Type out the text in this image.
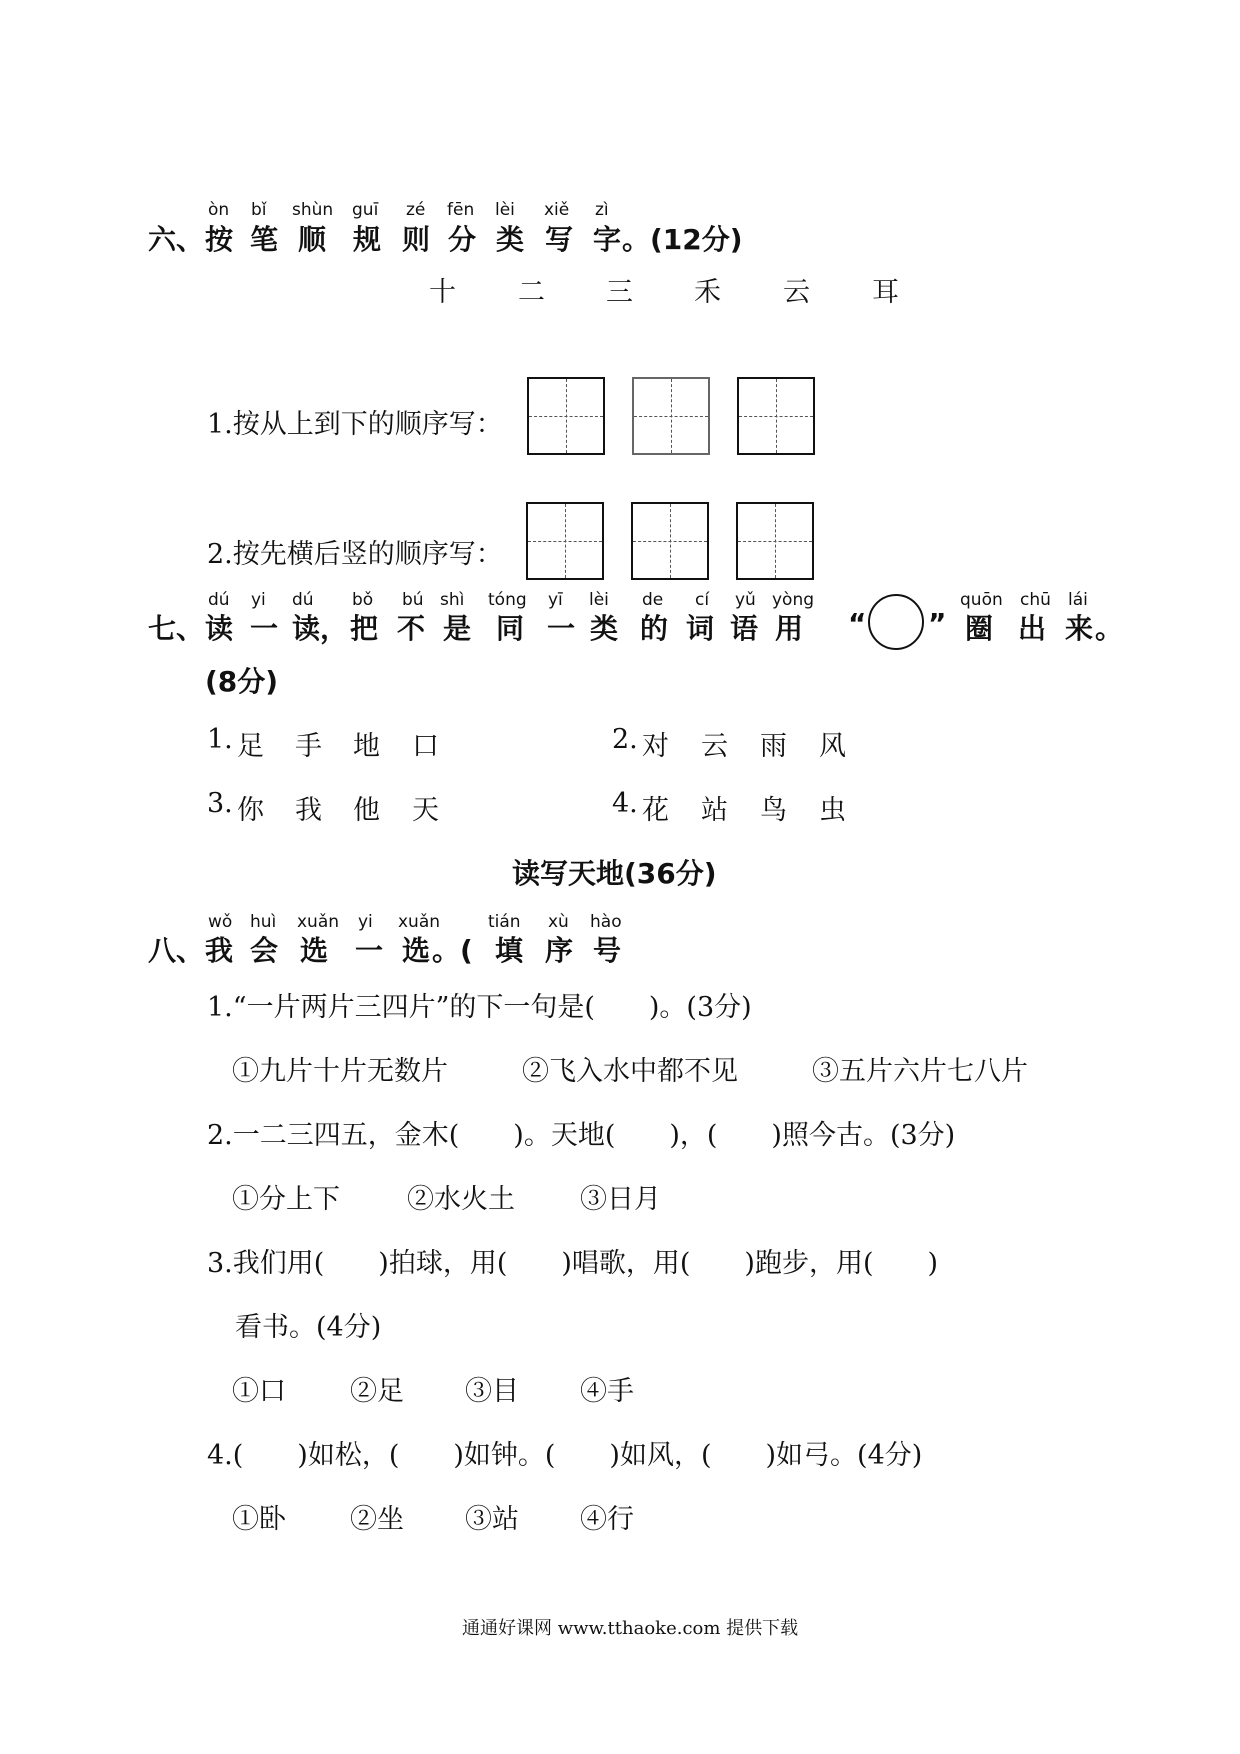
òn bǐ shùn guī zé fēn lèi xiě zì
六、 按 笔 顺 规 则 分 类 写 字 。(12分)
十 二 三 禾 云 耳
1.按从上到下的顺序写：
2.按先横后竖的顺序写：
dú yi dú bǒ bú shì tóng yī lèi de cí yǔ yòng	quōn chū lái
七、 读 一 读 ， 把 不 是 同 一 类 的 词 语 用 “ ” 圈 出 来 。
(8分)
1. 足 手 地 口	2. 对 云 雨 风
3. 你 我 他 天	4. 花 站 鸟 虫
读写天地(36分)
wǒ huì xuǎn yi xuǎn	tián xù hào
八、 我 会 选 一 选 。( 填 序 号
1.“一片两片三四片”的下一句是(　　)。(3分)
①九片十片无数片	②飞入水中都不见	③五片六片七八片
2.一二三四五，金木(　　)。天地(　　)，(　　)照今古。(3分)
①分上下 ②水火土 ③日月
3.我们用(　　)拍球，用(　　)唱歌，用(　　)跑步，用(　　)
看书。(4分)
①口 ②足 ③目 ④手
4.(　　)如松，(　　)如钟。(　　)如风，(　　)如弓。(4分)
①卧 ②坐 ③站 ④行
通通好课网 www.tthaoke.com 提供下载
